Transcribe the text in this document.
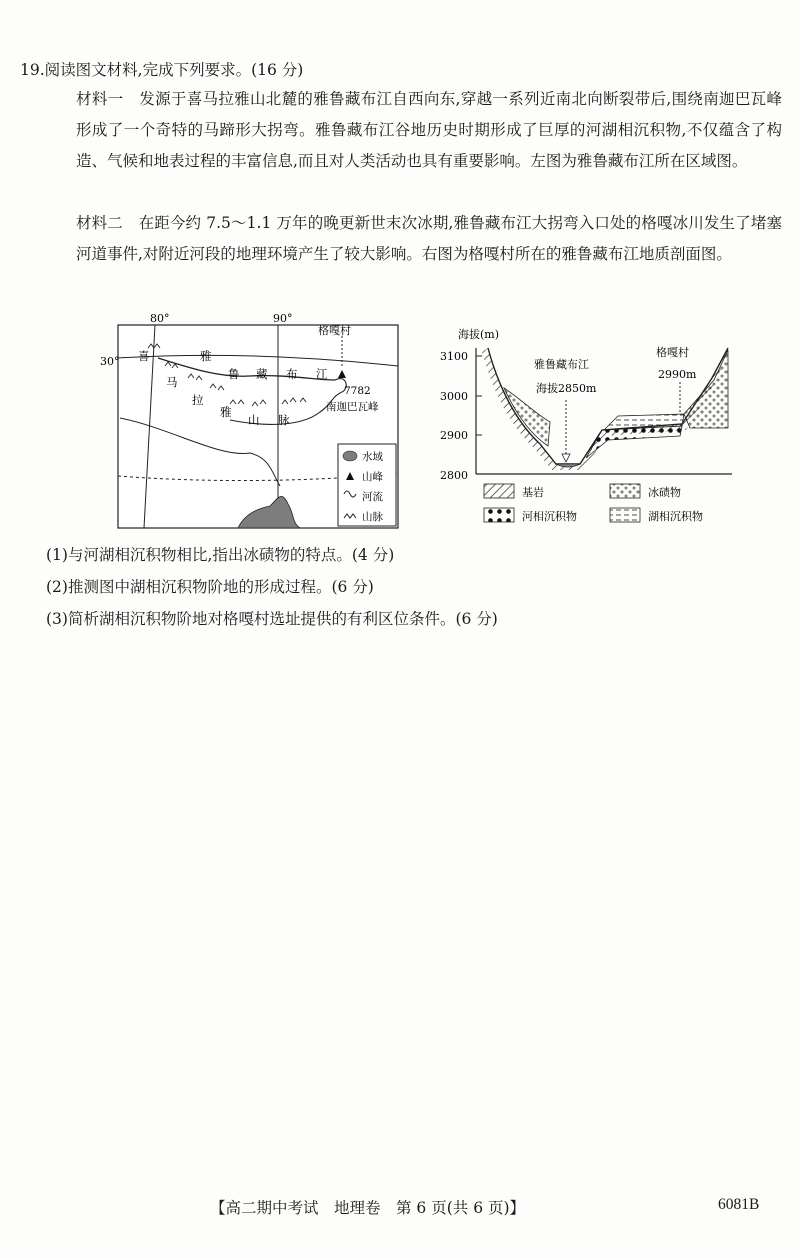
19.阅读图文材料,完成下列要求。(16 分)
材料一　发源于喜马拉雅山北麓的雅鲁藏布江自西向东,穿越一系列近南北向断裂带后,围绕南迦巴瓦峰形成了一个奇特的马蹄形大拐弯。雅鲁藏布江谷地历史时期形成了巨厚的河湖相沉积物,不仅蕴含了构造、气候和地表过程的丰富信息,而且对人类活动也具有重要影响。左图为雅鲁藏布江所在区域图。
材料二　在距今约 7.5～1.1 万年的晚更新世末次冰期,雅鲁藏布江大拐弯入口处的格嘎冰川发生了堵塞河道事件,对附近河段的地理环境产生了较大影响。右图为格嘎村所在的雅鲁藏布江地质剖面图。
80°	90°
30°
格嘎村
7782
南迦巴瓦峰
雅
鲁 藏 布 江
喜
马
拉
雅
山 脉
水域
山峰
河流
山脉
海拔(m)
3100
3000
2900
2800
雅鲁藏布江
海拔2850m
格嘎村
2990m
基岩	冰碛物
河相沉积物	湖相沉积物
(1)与河湖相沉积物相比,指出冰碛物的特点。(4 分)
(2)推测图中湖相沉积物阶地的形成过程。(6 分)
(3)简析湖相沉积物阶地对格嘎村选址提供的有利区位条件。(6 分)
【高二期中考试　地理卷　第 6 页(共 6 页)】	6081B
